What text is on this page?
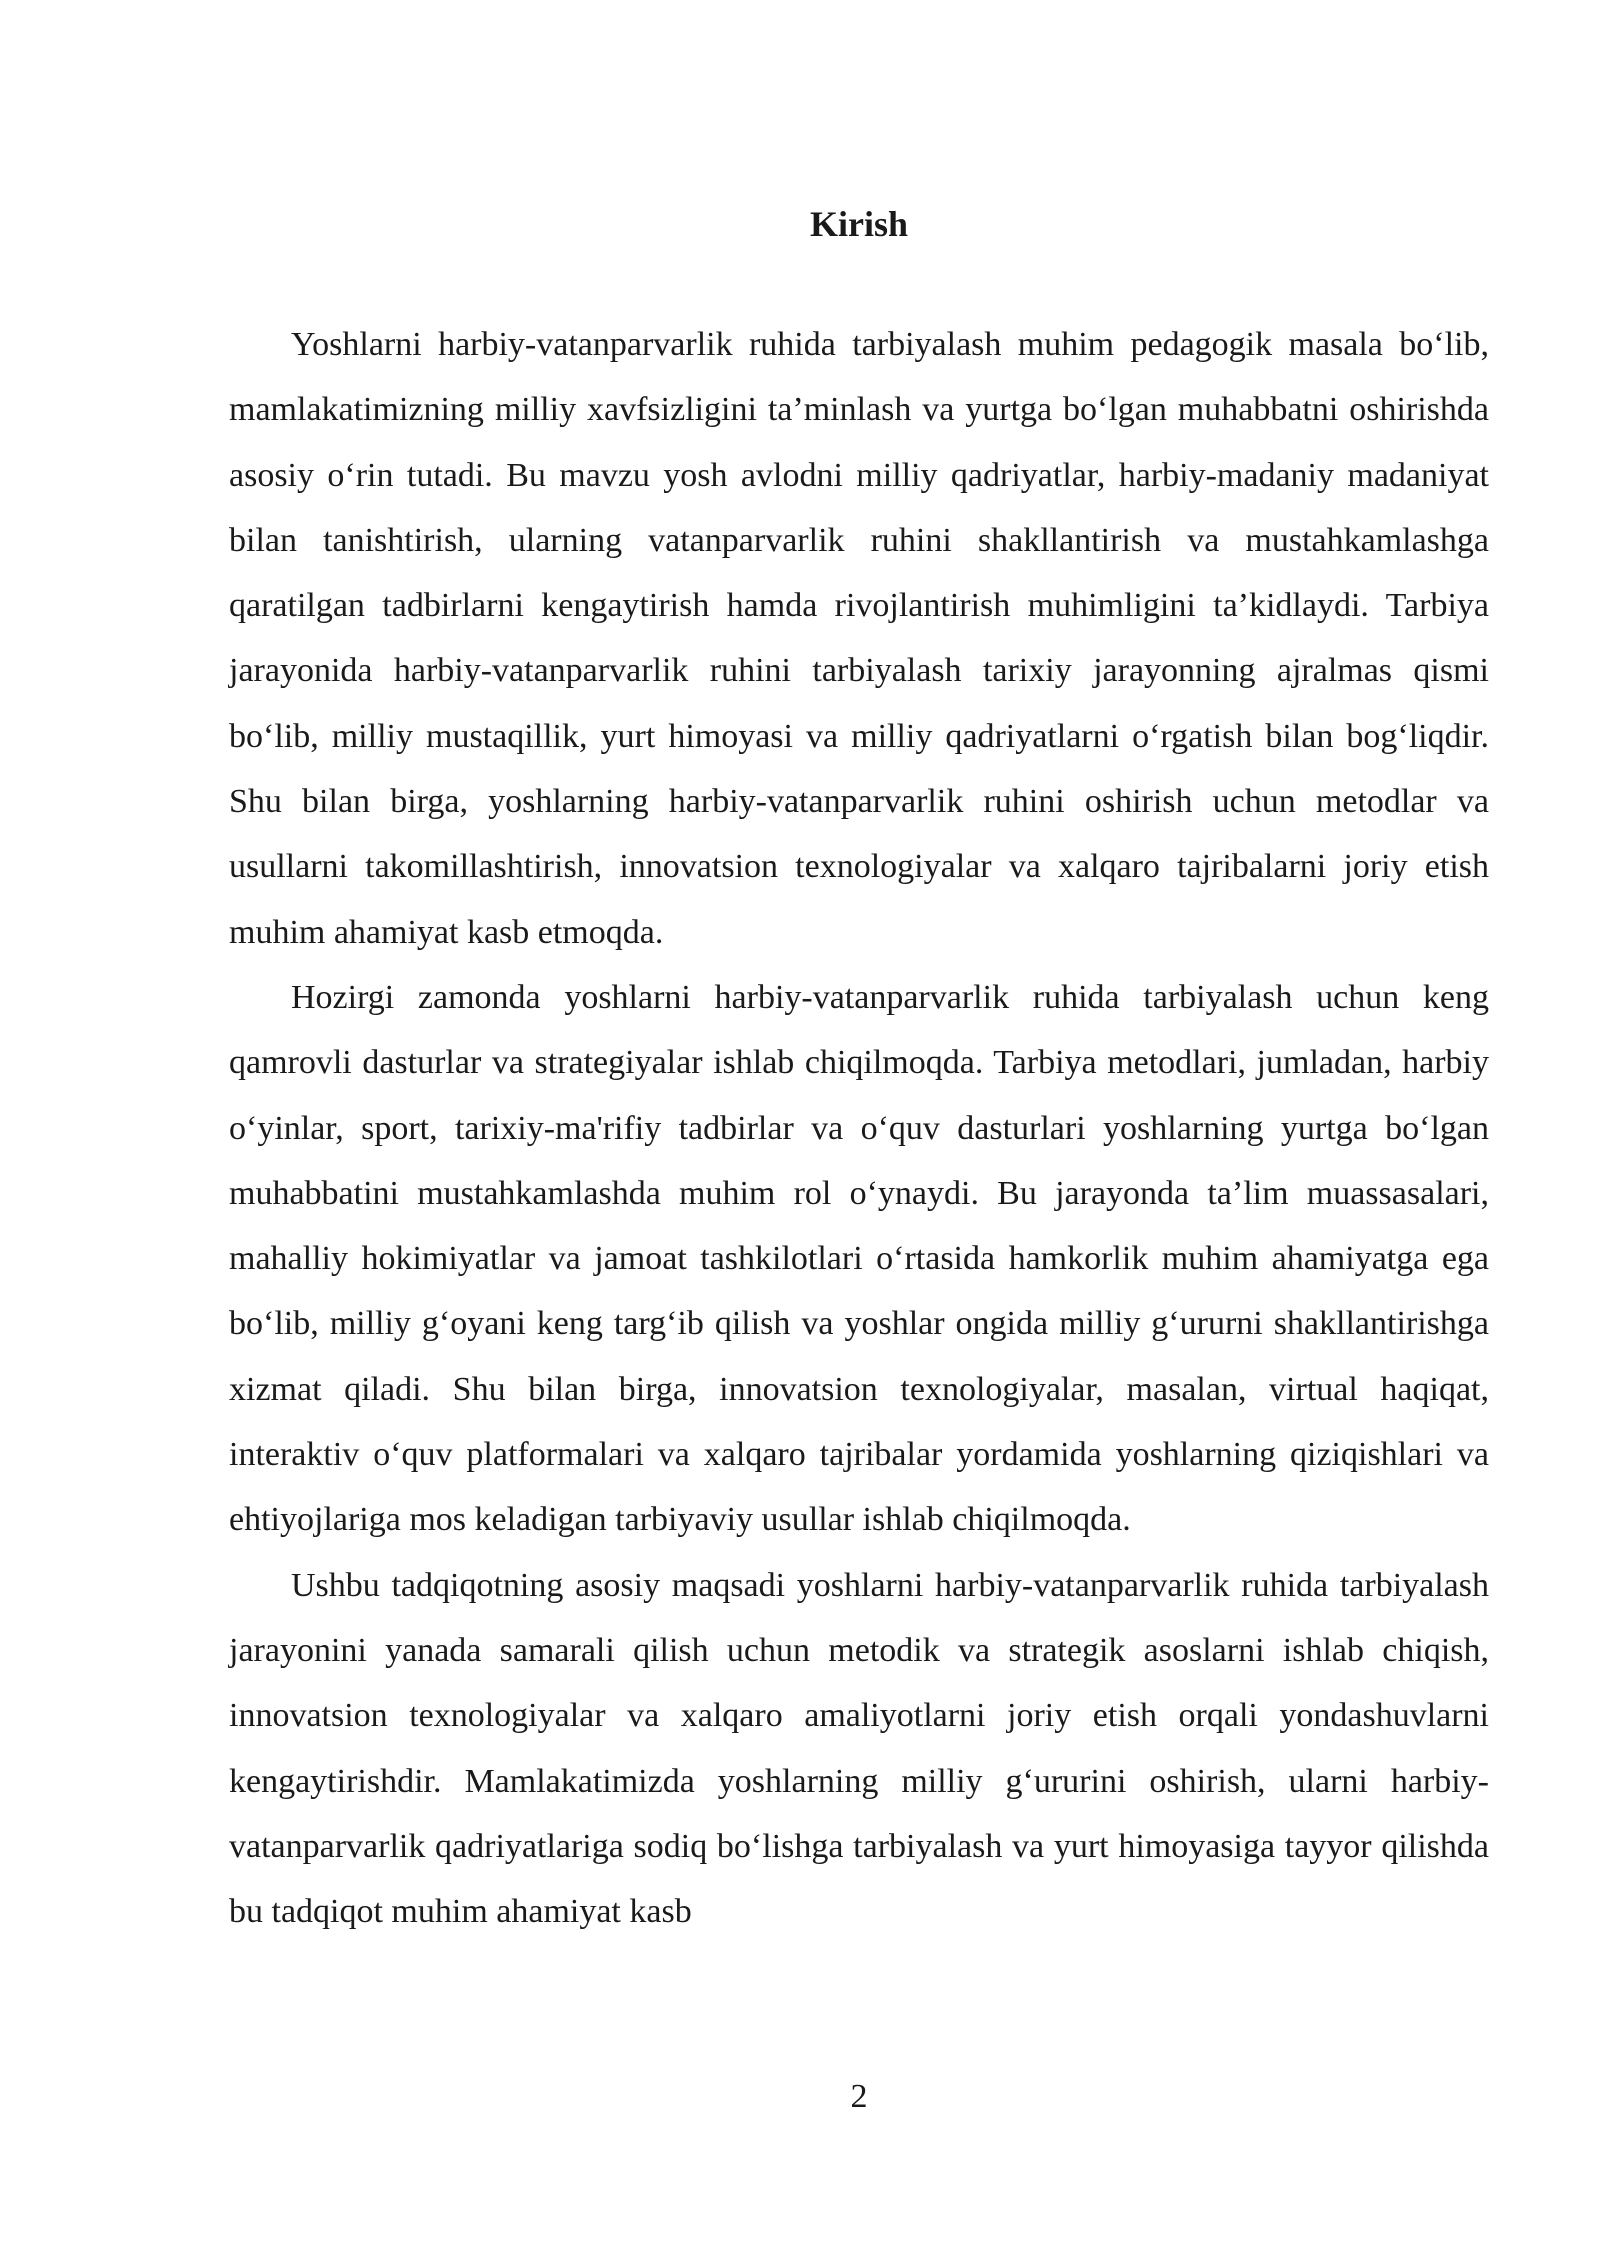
Kirish

Yoshlarni harbiy-vatanparvarlik ruhida tarbiyalash muhim pedagogik masala bo‘lib, mamlakatimizning milliy xavfsizligini ta’minlash va yurtga bo‘lgan muhabbatni oshirishda asosiy o‘rin tutadi. Bu mavzu yosh avlodni milliy qadriyatlar, harbiy-madaniy madaniyat bilan tanishtirish, ularning vatanparvarlik ruhini shakllantirish va mustahkamlashga qaratilgan tadbirlarni kengaytirish hamda rivojlantirish muhimligini ta’kidlaydi. Tarbiya jarayonida harbiy-vatanparvarlik ruhini tarbiyalash tarixiy jarayonning ajralmas qismi bo‘lib, milliy mustaqillik, yurt himoyasi va milliy qadriyatlarni o‘rgatish bilan bog‘liqdir. Shu bilan birga, yoshlarning harbiy-vatanparvarlik ruhini oshirish uchun metodlar va usullarni takomillashtirish, innovatsion texnologiyalar va xalqaro tajribalarni joriy etish muhim ahamiyat kasb etmoqda.

Hozirgi zamonda yoshlarni harbiy-vatanparvarlik ruhida tarbiyalash uchun keng qamrovli dasturlar va strategiyalar ishlab chiqilmoqda. Tarbiya metodlari, jumladan, harbiy o‘yinlar, sport, tarixiy-ma'rifiy tadbirlar va o‘quv dasturlari yoshlarning yurtga bo‘lgan muhabbatini mustahkamlashda muhim rol o‘ynaydi. Bu jarayonda ta’lim muassasalari, mahalliy hokimiyatlar va jamoat tashkilotlari o‘rtasida hamkorlik muhim ahamiyatga ega bo‘lib, milliy g‘oyani keng targ‘ib qilish va yoshlar ongida milliy g‘ururni shakllantirishga xizmat qiladi. Shu bilan birga, innovatsion texnologiyalar, masalan, virtual haqiqat, interaktiv o‘quv platformalari va xalqaro tajribalar yordamida yoshlarning qiziqishlari va ehtiyojlariga mos keladigan tarbiyaviy usullar ishlab chiqilmoqda.

Ushbu tadqiqotning asosiy maqsadi yoshlarni harbiy-vatanparvarlik ruhida tarbiyalash jarayonini yanada samarali qilish uchun metodik va strategik asoslarni ishlab chiqish, innovatsion texnologiyalar va xalqaro amaliyotlarni joriy etish orqali yondashuvlarni kengaytirishdir. Mamlakatimizda yoshlarning milliy g‘ururini oshirish, ularni harbiy-vatanparvarlik qadriyatlariga sodiq bo‘lishga tarbiyalash va yurt himoyasiga tayyor qilishda bu tadqiqot muhim ahamiyat kasb

2
